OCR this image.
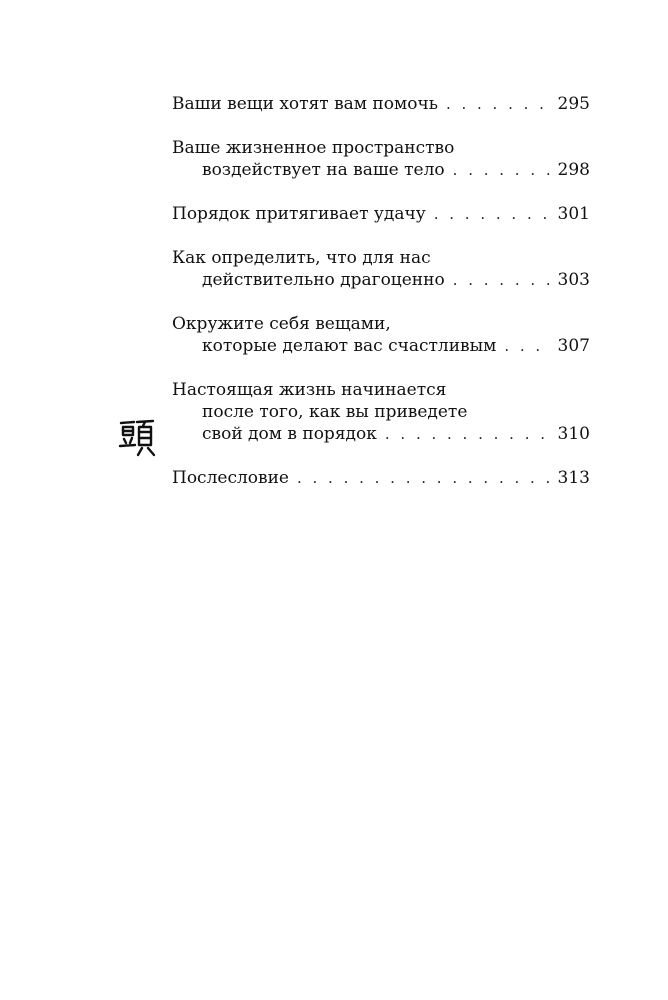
Ваши вещи хотят вам помочь . . .	295
Ваше жизненное пространство
воздействует на ваше тело . . .	298
Порядок притягивает удачу . . .	301
Как определить, что для нас
действительно драгоценно . . .	303
Окружите себя вещами,
которые делают вас счастливым . . .	307
Настоящая жизнь начинается
после того, как вы приведете
свой дом в порядок . . .	310
Послесловие . . .	313
